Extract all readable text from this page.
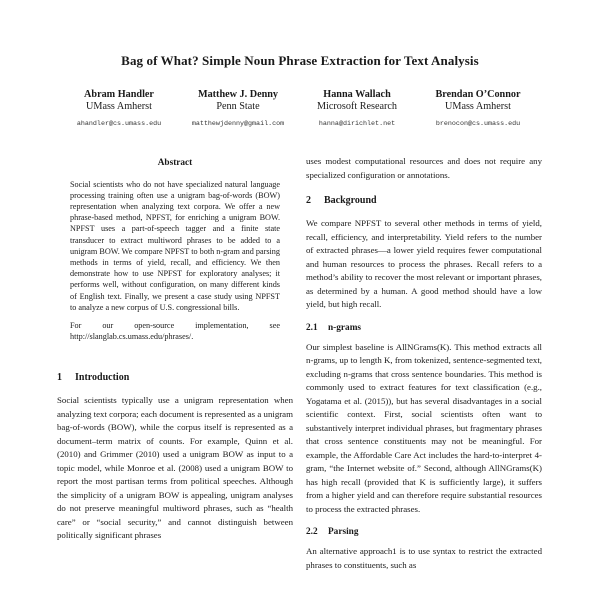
Bag of What? Simple Noun Phrase Extraction for Text Analysis
Abram Handler
UMass Amherst
ahandler@cs.umass.edu
Matthew J. Denny
Penn State
matthewjdenny@gmail.com
Hanna Wallach
Microsoft Research
hanna@dirichlet.net
Brendan O’Connor
UMass Amherst
brenocon@cs.umass.edu
Abstract

Social scientists who do not have specialized natural language processing training often use a unigram bag-of-words (BOW) representation when analyzing text corpora. We offer a new phrase-based method, NPFST, for enriching a unigram BOW. NPFST uses a part-of-speech tagger and a finite state transducer to extract multiword phrases to be added to a unigram BOW. We compare NPFST to both n-gram and parsing methods in terms of yield, recall, and efficiency. We then demonstrate how to use NPFST for exploratory analyses; it performs well, without configuration, on many different kinds of English text. Finally, we present a case study using NPFST to analyze a new corpus of U.S. congressional bills.

For our open-source implementation, see http://slanglab.cs.umass.edu/phrases/.

1 Introduction

Social scientists typically use a unigram representation when analyzing text corpora; each document is represented as a unigram bag-of-words (BOW), while the corpus itself is represented as a document–term matrix of counts. For example, Quinn et al. (2010) and Grimmer (2010) used a unigram BOW as input to a topic model, while Monroe et al. (2008) used a unigram BOW to report the most partisan terms from political speeches. Although the simplicity of a unigram BOW is appealing, unigram analyses do not preserve meaningful multiword phrases, such as “health care” or “social security,” and cannot distinguish between politically significant phrases

uses modest computational resources and does not require any specialized configuration or annotations.

2 Background

We compare NPFST to several other methods in terms of yield, recall, efficiency, and interpretability. Yield refers to the number of extracted phrases—a lower yield requires fewer computational and human resources to process the phrases. Recall refers to a method’s ability to recover the most relevant or important phrases, as determined by a human. A good method should have a low yield, but high recall.

2.1 n-grams

Our simplest baseline is AllNGrams(K). This method extracts all n-grams, up to length K, from tokenized, sentence-segmented text, excluding n-grams that cross sentence boundaries. This method is commonly used to extract features for text classification (e.g., Yogatama et al. (2015)), but has several disadvantages in a social scientific context. First, social scientists often want to substantively interpret individual phrases, but fragmentary phrases that cross sentence constituents may not be meaningful. For example, the Affordable Care Act includes the hard-to-interpret 4-gram, “the Internet website of.” Second, although AllNGrams(K) has high recall (provided that K is sufficiently large), it suffers from a higher yield and can therefore require substantial resources to process the extracted phrases.

2.2 Parsing

An alternative approach1 is to use syntax to restrict the extracted phrases to constituents, such as
